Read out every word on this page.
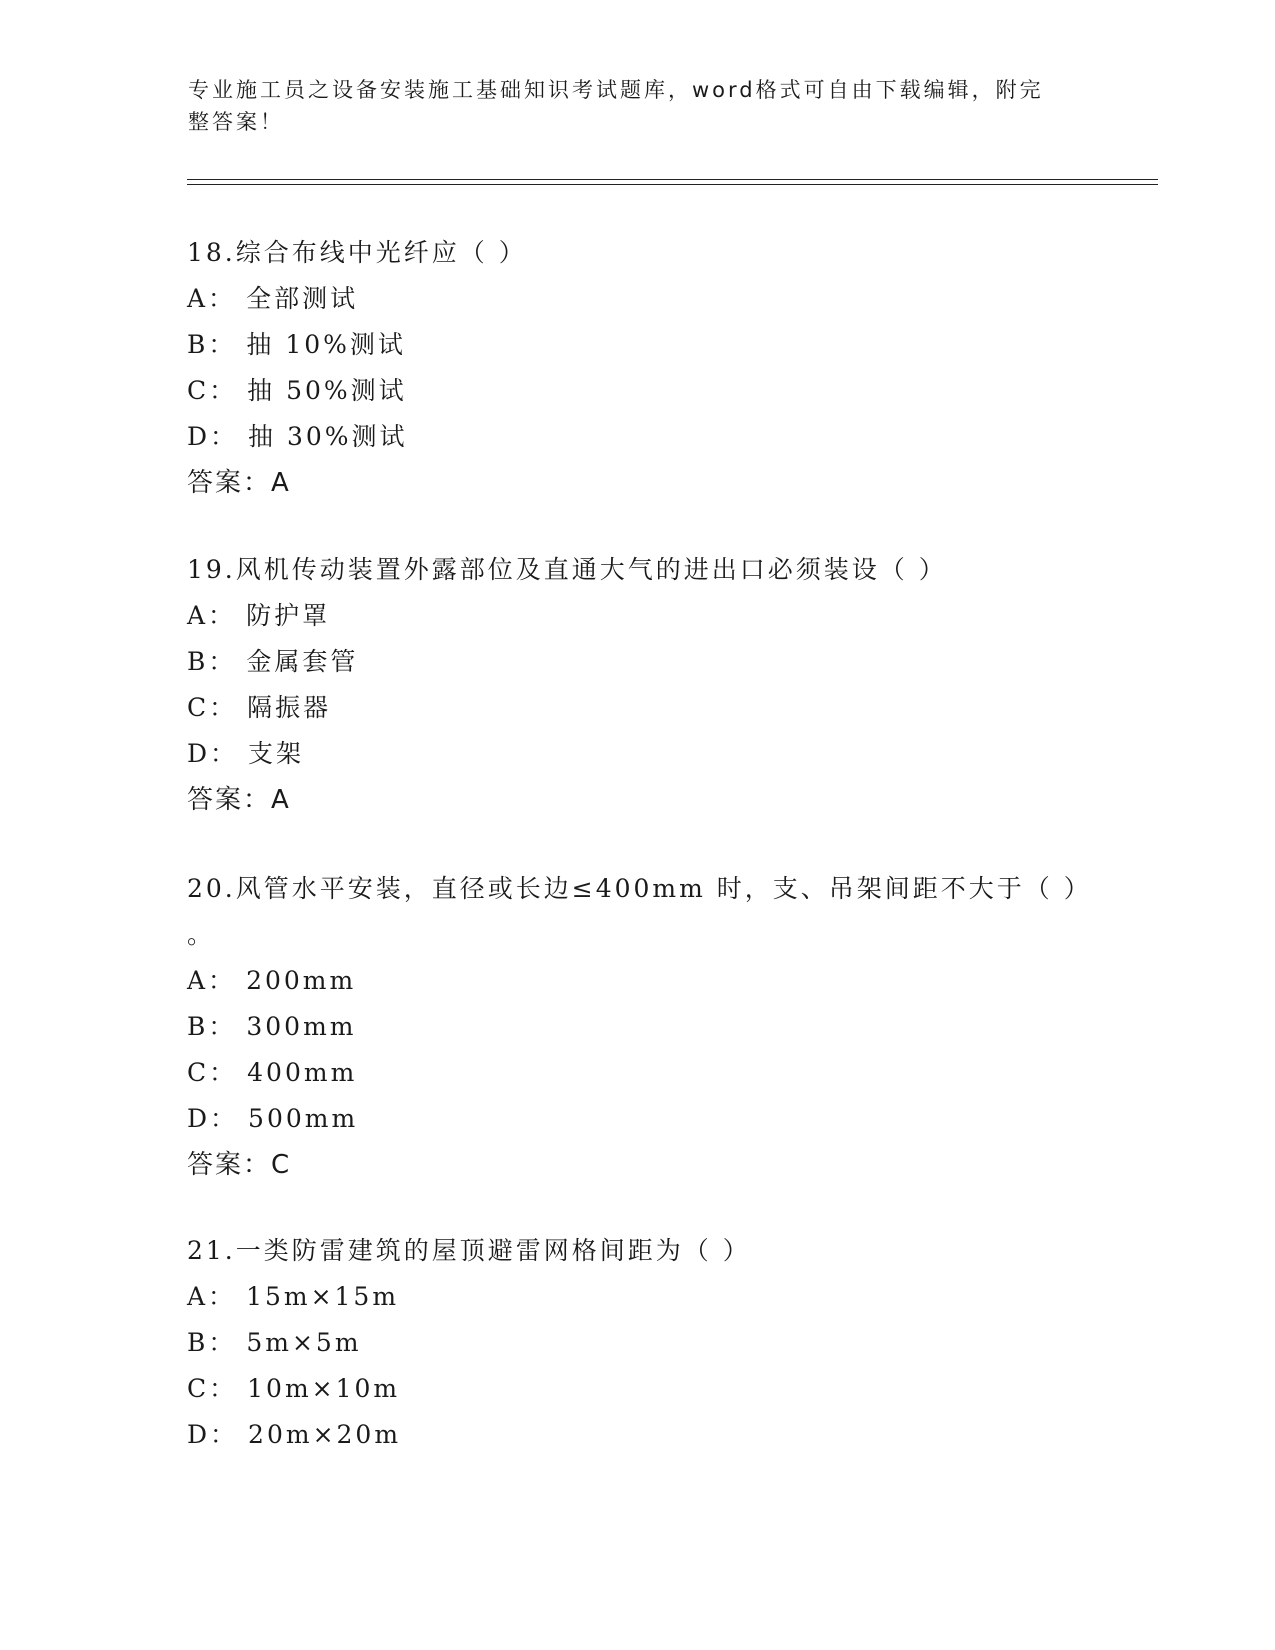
专业施工员之设备安装施工基础知识考试题库，word格式可自由下载编辑，附完
整答案！
18.综合布线中光纤应（ ）
A： 全部测试
B： 抽 10%测试
C： 抽 50%测试
D： 抽 30%测试
答案：A
19.风机传动装置外露部位及直通大气的进出口必须装设（ ）
A： 防护罩
B： 金属套管
C： 隔振器
D： 支架
答案：A
20.风管水平安装，直径或长边≤400mm 时，支、吊架间距不大于（ ）
。
A： 200mm
B： 300mm
C： 400mm
D： 500mm
答案：C
21.一类防雷建筑的屋顶避雷网格间距为（ ）
A： 15m×15m
B： 5m×5m
C： 10m×10m
D： 20m×20m
